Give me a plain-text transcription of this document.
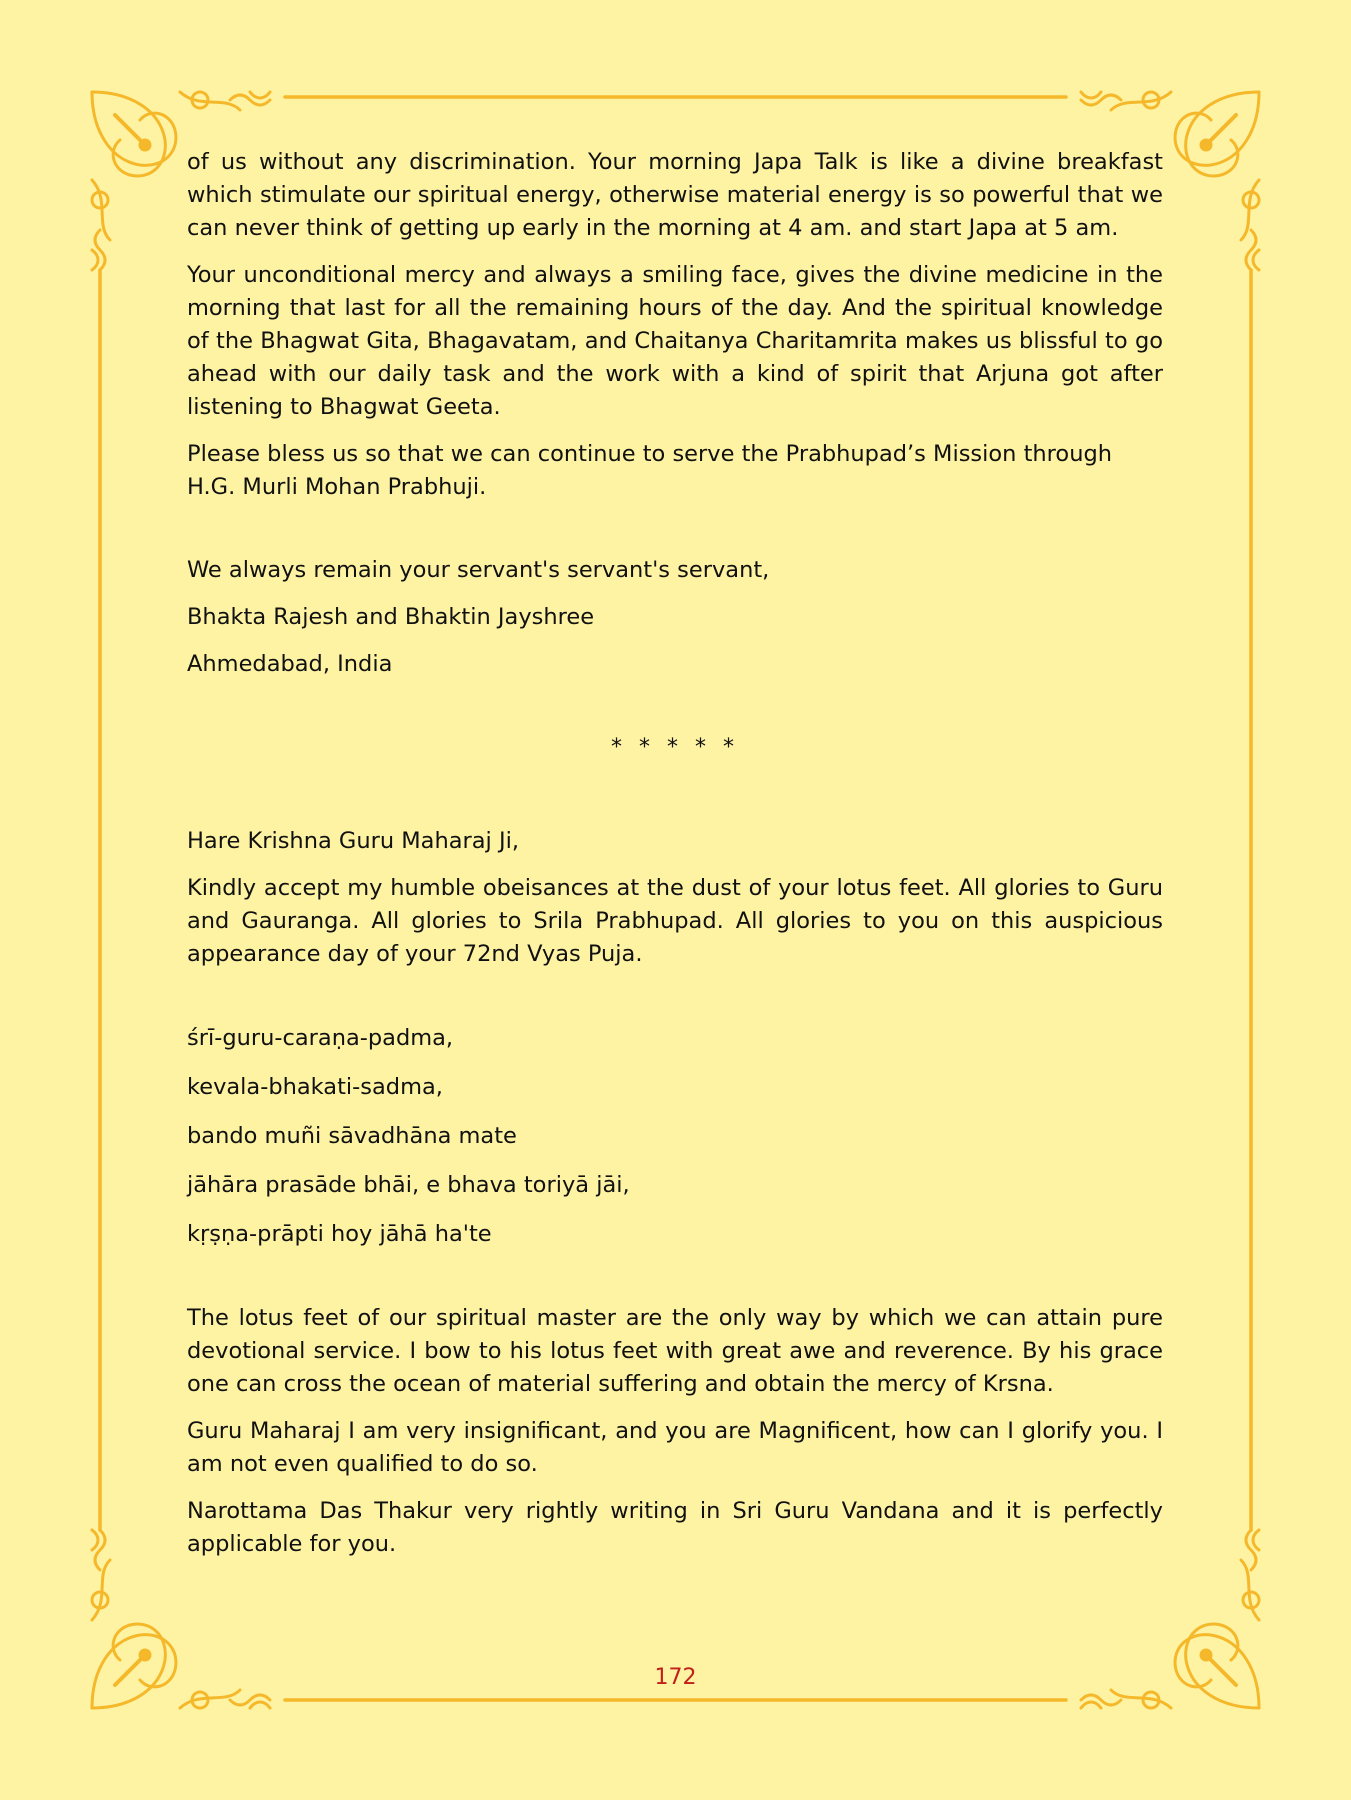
of us without any discrimination. Your morning Japa Talk is like a divine breakfast which stimulate our spiritual energy, otherwise material energy is so powerful that we can never think of getting up early in the morning at 4 am. and start Japa at 5 am.

Your unconditional mercy and always a smiling face, gives the divine medicine in the morning that last for all the remaining hours of the day. And the spiritual knowledge of the Bhagwat Gita, Bhagavatam, and Chaitanya Charitamrita makes us blissful to go ahead with our daily task and the work with a kind of spirit that Arjuna got after listening to Bhagwat Geeta.

Please bless us so that we can continue to serve the Prabhupad’s Mission through H.G. Murli Mohan Prabhuji.

We always remain your servant's servant's servant,

Bhakta Rajesh and Bhaktin Jayshree

Ahmedabad, India

* * * * *

Hare Krishna Guru Maharaj Ji,

Kindly accept my humble obeisances at the dust of your lotus feet. All glories to Guru and Gauranga. All glories to Srila Prabhupad. All glories to you on this auspicious appearance day of your 72nd Vyas Puja.

śrī-guru-caraṇa-padma,

kevala-bhakati-sadma,

bando muñi sāvadhāna mate

jāhāra prasāde bhāi, e bhava toriyā jāi,

kṛṣṇa-prāpti hoy jāhā ha'te

The lotus feet of our spiritual master are the only way by which we can attain pure devotional service. I bow to his lotus feet with great awe and reverence. By his grace one can cross the ocean of material suffering and obtain the mercy of Krsna.

Guru Maharaj I am very insignificant, and you are Magnificent, how can I glorify you. I am not even qualified to do so.

Narottama Das Thakur very rightly writing in Sri Guru Vandana and it is perfectly applicable for you.

172
